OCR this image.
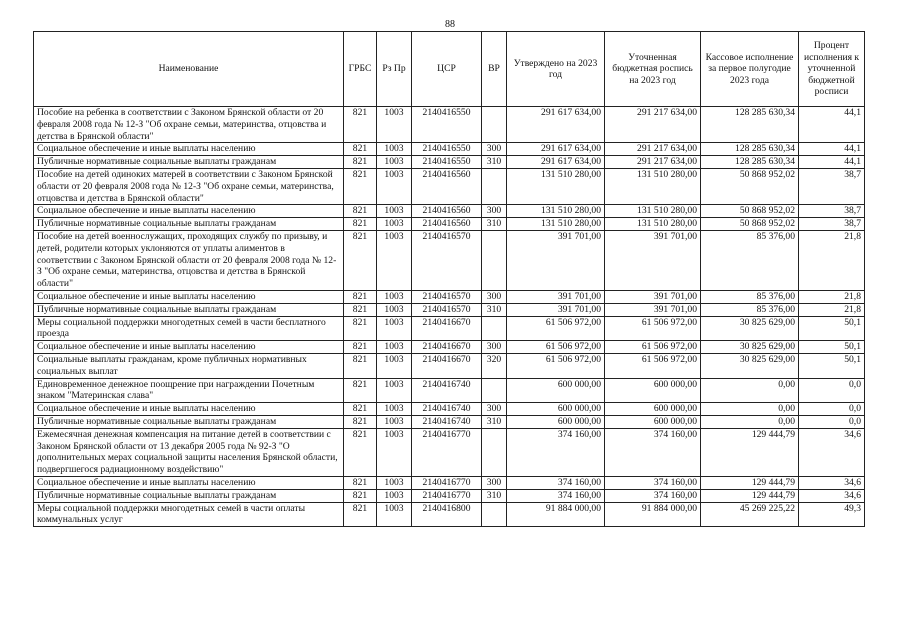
88
Наименование	ГРБС	Рз Пр	ЦСР	ВР	Утверждено на 2023 год	Уточненная бюджетная роспись на 2023 год	Кассовое исполнение за первое полугодие 2023 года	Процент исполнения к уточненной бюджетной росписи
Пособие на ребенка в соответствии с Законом Брянской области от 20 февраля 2008 года № 12-З "Об охране семьи, материнства, отцовства и детства в Брянской области"	821	1003	2140416550		291 617 634,00	291 217 634,00	128 285 630,34	44,1
Социальное обеспечение и иные выплаты населению	821	1003	2140416550	300	291 617 634,00	291 217 634,00	128 285 630,34	44,1
Публичные нормативные социальные выплаты гражданам	821	1003	2140416550	310	291 617 634,00	291 217 634,00	128 285 630,34	44,1
Пособие на детей одиноких матерей в соответствии с Законом Брянской области от 20 февраля 2008 года № 12-З "Об охране семьи, материнства, отцовства и детства в Брянской области"	821	1003	2140416560		131 510 280,00	131 510 280,00	50 868 952,02	38,7
Социальное обеспечение и иные выплаты населению	821	1003	2140416560	300	131 510 280,00	131 510 280,00	50 868 952,02	38,7
Публичные нормативные социальные выплаты гражданам	821	1003	2140416560	310	131 510 280,00	131 510 280,00	50 868 952,02	38,7
Пособие на детей военнослужащих, проходящих службу по призыву, и детей, родители которых уклоняются от уплаты алиментов в соответствии с Законом Брянской области от 20 февраля 2008 года № 12-З "Об охране семьи, материнства, отцовства и детства в Брянской области"	821	1003	2140416570		391 701,00	391 701,00	85 376,00	21,8
Социальное обеспечение и иные выплаты населению	821	1003	2140416570	300	391 701,00	391 701,00	85 376,00	21,8
Публичные нормативные социальные выплаты гражданам	821	1003	2140416570	310	391 701,00	391 701,00	85 376,00	21,8
Меры социальной поддержки многодетных семей в части бесплатного проезда	821	1003	2140416670		61 506 972,00	61 506 972,00	30 825 629,00	50,1
Социальное обеспечение и иные выплаты населению	821	1003	2140416670	300	61 506 972,00	61 506 972,00	30 825 629,00	50,1
Социальные выплаты гражданам, кроме публичных нормативных социальных выплат	821	1003	2140416670	320	61 506 972,00	61 506 972,00	30 825 629,00	50,1
Единовременное денежное поощрение при награждении Почетным знаком "Материнская слава"	821	1003	2140416740		600 000,00	600 000,00	0,00	0,0
Социальное обеспечение и иные выплаты населению	821	1003	2140416740	300	600 000,00	600 000,00	0,00	0,0
Публичные нормативные социальные выплаты гражданам	821	1003	2140416740	310	600 000,00	600 000,00	0,00	0,0
Ежемесячная денежная компенсация на питание детей в соответствии с Законом Брянской области от 13 декабря 2005 года № 92-З "О дополнительных мерах социальной защиты населения Брянской области, подвергшегося радиационному воздействию"	821	1003	2140416770		374 160,00	374 160,00	129 444,79	34,6
Социальное обеспечение и иные выплаты населению	821	1003	2140416770	300	374 160,00	374 160,00	129 444,79	34,6
Публичные нормативные социальные выплаты гражданам	821	1003	2140416770	310	374 160,00	374 160,00	129 444,79	34,6
Меры социальной поддержки многодетных семей в части оплаты коммунальных услуг	821	1003	2140416800		91 884 000,00	91 884 000,00	45 269 225,22	49,3
